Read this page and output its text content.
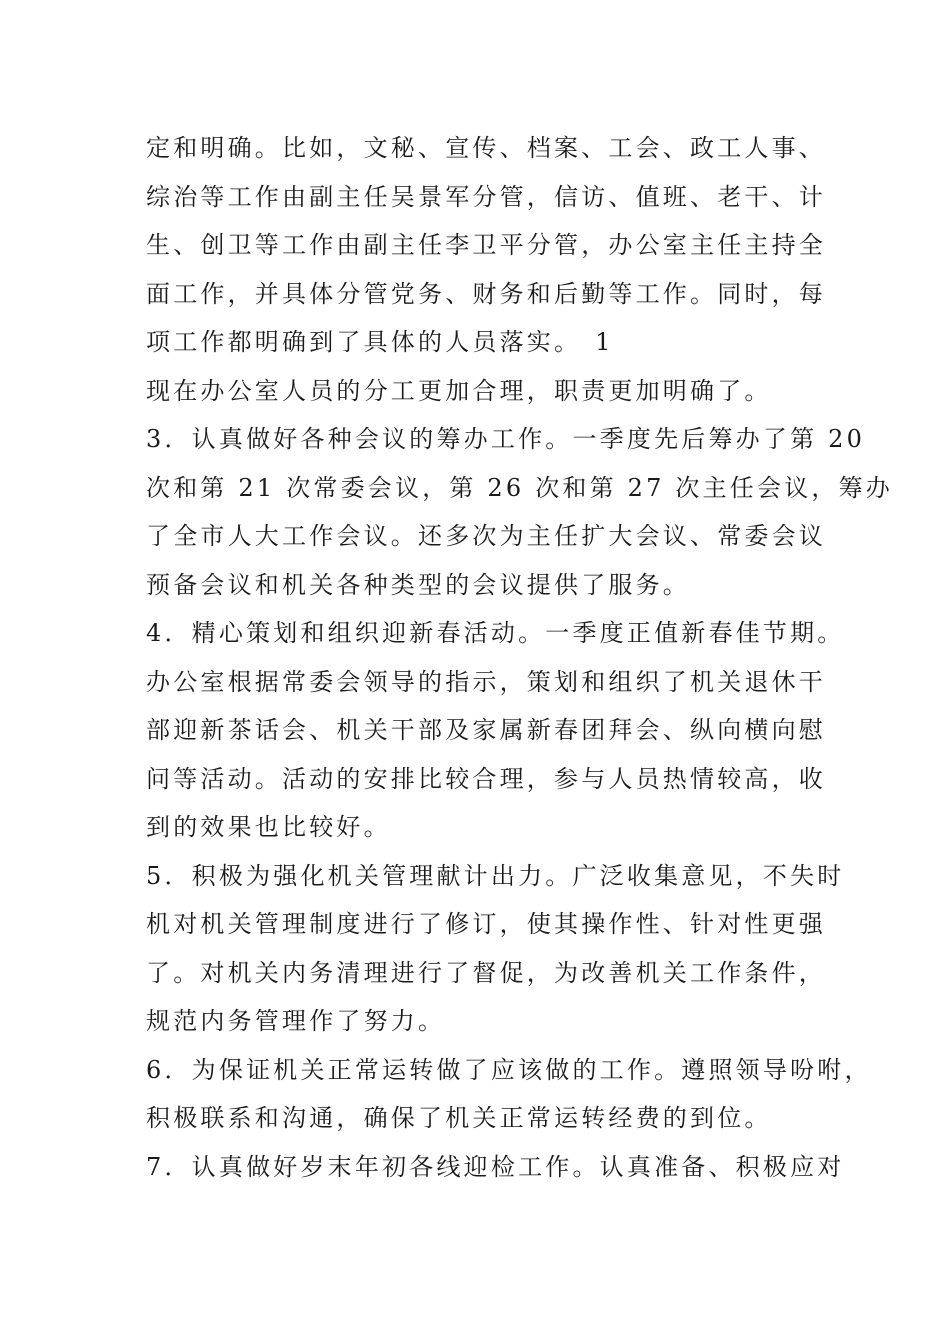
定和明确。比如，文秘、宣传、档案、工会、政工人事、
综治等工作由副主任吴景军分管，信访、值班、老干、计
生、创卫等工作由副主任李卫平分管，办公室主任主持全
面工作，并具体分管党务、财务和后勤等工作。同时，每
项工作都明确到了具体的人员落实。 1
现在办公室人员的分工更加合理，职责更加明确了。
3．认真做好各种会议的筹办工作。一季度先后筹办了第 20
次和第 21 次常委会议，第 26 次和第 27 次主任会议，筹办
了全市人大工作会议。还多次为主任扩大会议、常委会议
预备会议和机关各种类型的会议提供了服务。
4．精心策划和组织迎新春活动。一季度正值新春佳节期。
办公室根据常委会领导的指示，策划和组织了机关退休干
部迎新茶话会、机关干部及家属新春团拜会、纵向横向慰
问等活动。活动的安排比较合理，参与人员热情较高，收
到的效果也比较好。
5．积极为强化机关管理献计出力。广泛收集意见，不失时
机对机关管理制度进行了修订，使其操作性、针对性更强
了。对机关内务清理进行了督促，为改善机关工作条件，
规范内务管理作了努力。
6．为保证机关正常运转做了应该做的工作。遵照领导吩咐，
积极联系和沟通，确保了机关正常运转经费的到位。
7．认真做好岁末年初各线迎检工作。认真准备、积极应对
